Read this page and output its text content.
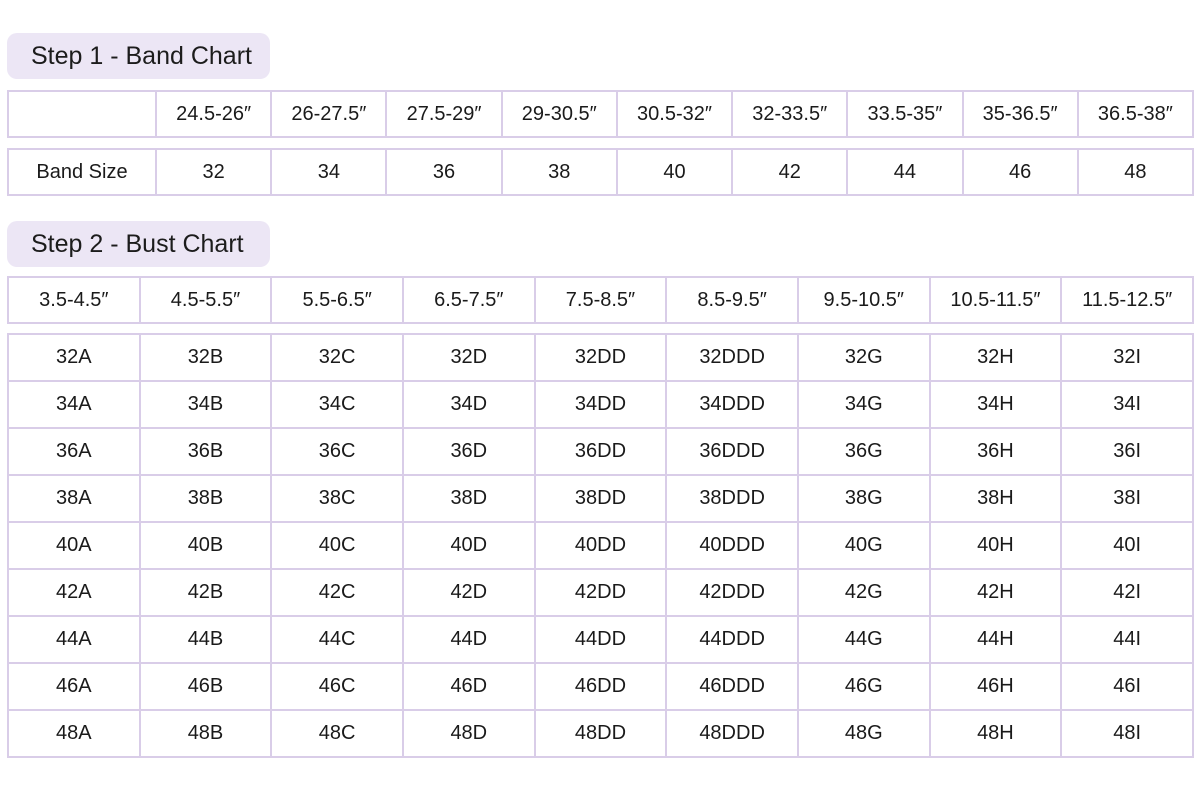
Step 1 - Band Chart
	24.5-26″	26-27.5″	27.5-29″	29-30.5″	30.5-32″	32-33.5″	33.5-35″	35-36.5″	36.5-38″
Band Size	32	34	36	38	40	42	44	46	48
Step 2 - Bust Chart
3.5-4.5″	4.5-5.5″	5.5-6.5″	6.5-7.5″	7.5-8.5″	8.5-9.5″	9.5-10.5″	10.5-11.5″	11.5-12.5″
32A	32B	32C	32D	32DD	32DDD	32G	32H	32I
34A	34B	34C	34D	34DD	34DDD	34G	34H	34I
36A	36B	36C	36D	36DD	36DDD	36G	36H	36I
38A	38B	38C	38D	38DD	38DDD	38G	38H	38I
40A	40B	40C	40D	40DD	40DDD	40G	40H	40I
42A	42B	42C	42D	42DD	42DDD	42G	42H	42I
44A	44B	44C	44D	44DD	44DDD	44G	44H	44I
46A	46B	46C	46D	46DD	46DDD	46G	46H	46I
48A	48B	48C	48D	48DD	48DDD	48G	48H	48I
